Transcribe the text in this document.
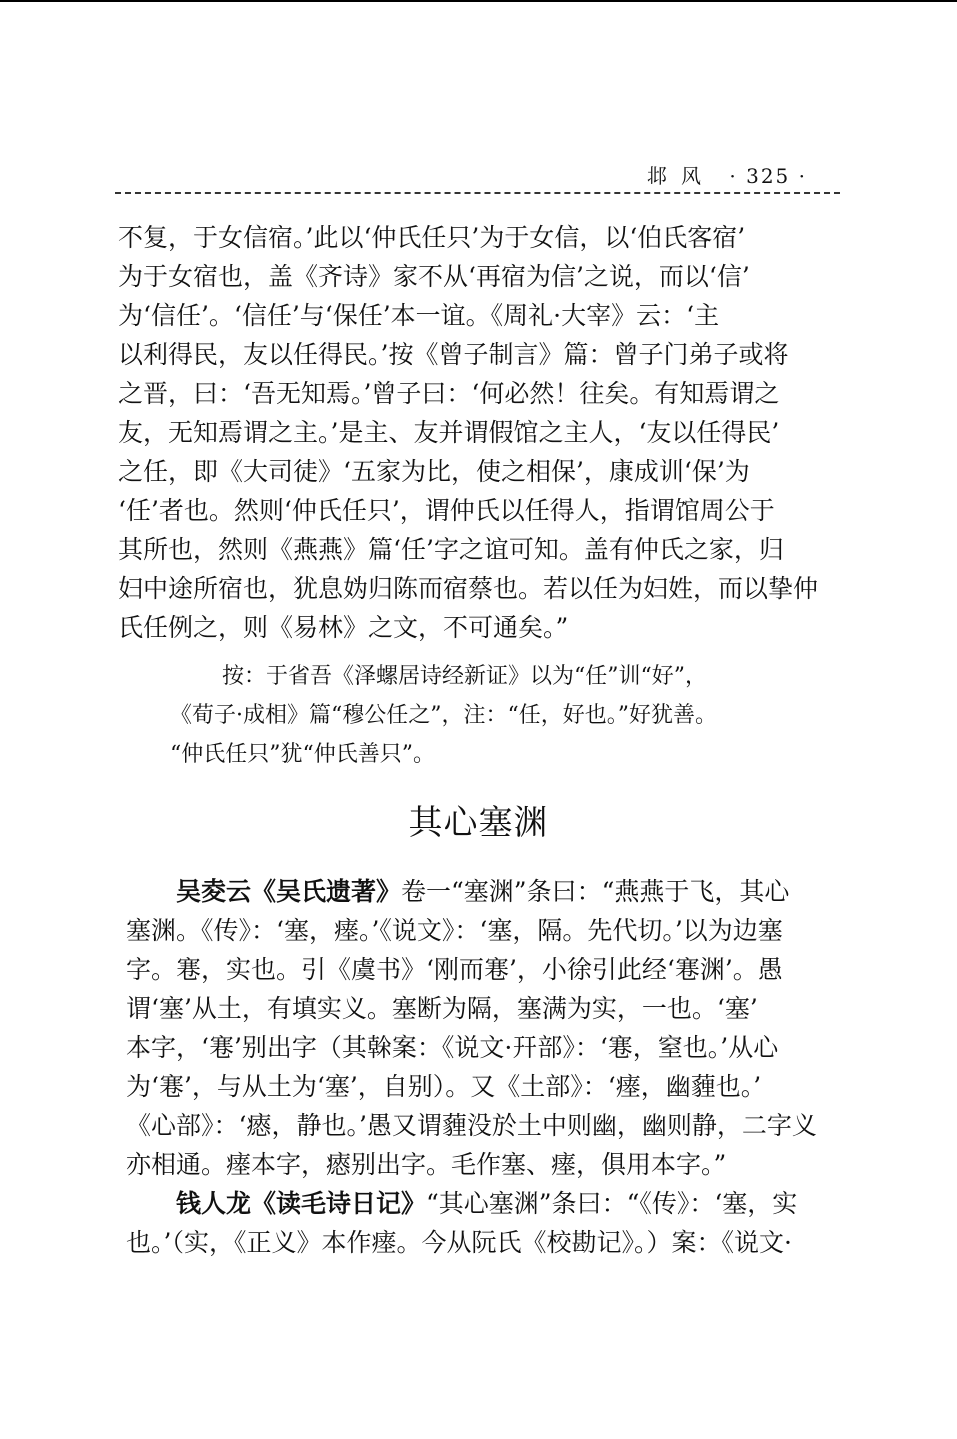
邶风 · 325 ·
不复，于女信宿。’此以‘仲氏任只’为于女信，以‘伯氏客宿’
为于女宿也，盖《齐诗》家不从‘再宿为信’之说，而以‘信’
为‘信任’。‘信任’与‘保任’本一谊。《周礼·大宰》云：‘主
以利得民，友以任得民。’按《曾子制言》篇：曾子门弟子或将
之晋，曰：‘吾无知焉。’曾子曰：‘何必然！往矣。有知焉谓之
友，无知焉谓之主。’是主、友并谓假馆之主人，‘友以任得民’
之任，即《大司徒》‘五家为比，使之相保’，康成训‘保’为
‘任’者也。然则‘仲氏任只’，谓仲氏以任得人，指谓馆周公于
其所也，然则《燕燕》篇‘任’字之谊可知。盖有仲氏之家，归
妇中途所宿也，犹息妫归陈而宿蔡也。若以任为妇姓，而以挚仲
氏任例之，则《易林》之文，不可通矣。”
按：于省吾《泽螺居诗经新证》以为“任”训“好”，
《荀子·成相》篇“穆公任之”，注：“任，好也。”好犹善。
“仲氏任只”犹“仲氏善只”。
其心塞渊
吴夌云《吴氏遗著》卷一“塞渊”条曰：“燕燕于飞，其心
塞渊。《传》：‘塞，瘗。’《说文》：‘塞，隔。先代切。’以为边塞
字。寋，实也。引《虞书》‘刚而寋’，小徐引此经‘寋渊’。愚
谓‘塞’从土，有填实义。塞断为隔，塞满为实，一也。‘塞’
本字，‘寋’别出字（其榦案：《说文·幵部》：‘寋，窒也。’从心
为‘寋’，与从土为‘塞’，自别）。又《土部》：‘瘗，幽薶也。’
《心部》：‘瘱，静也。’愚又谓薶没於土中则幽，幽则静，二字义
亦相通。瘗本字，瘱别出字。毛作塞、瘗，俱用本字。”
钱人龙《读毛诗日记》“其心塞渊”条曰：“《传》：‘塞，实
也。’（实，《正义》本作瘗。今从阮氏《校勘记》。）案：《说文·
